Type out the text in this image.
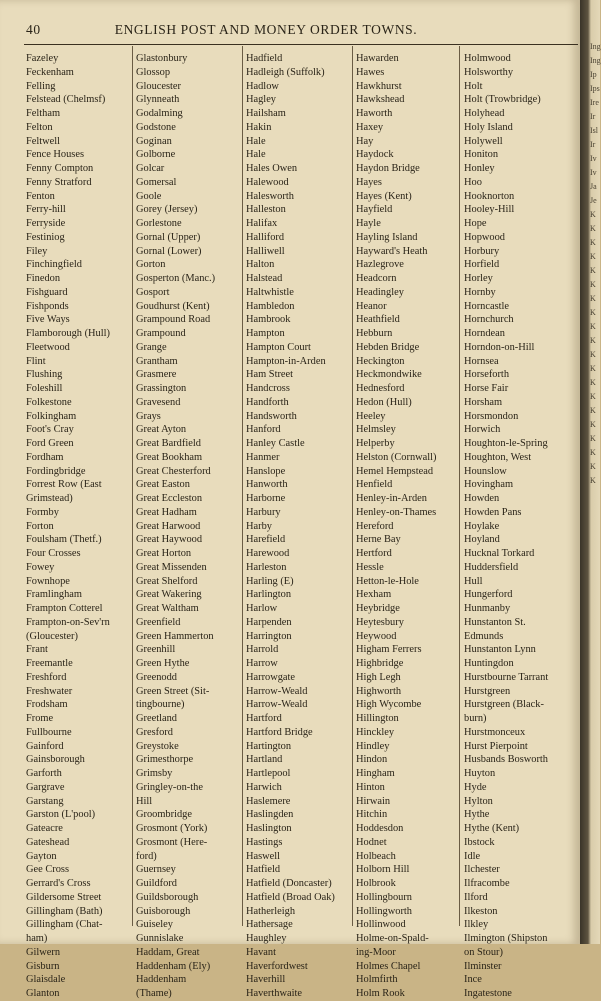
40	ENGLISH POST AND MONEY ORDER TOWNS.
Fazeley
Feckenham
Felling
Felstead (Chelmsf)
Feltham
Felton
Feltwell
Fence Houses
Fenny Compton
Fenny Stratford
Fenton
Ferry-hill
Ferryside
Festiniog
Filey
Finchingfield
Finedon
Fishguard
Fishponds
Five Ways
Flamborough (Hull)
Fleetwood
Flint
Flushing
Foleshill
Folkestone
Folkingham
Foot's Cray
Ford Green
Fordham
Fordingbridge
Forrest Row (East
Grimstead)
Formby
Forton
Foulsham (Thetf.)
Four Crosses
Fowey
Fownhope
Framlingham
Frampton Cotterel
Frampton-on-Sev'rn
(Gloucester)
Frant
Freemantle
Freshford
Freshwater
Frodsham
Frome
Fullbourne
Gainford
Gainsborough
Garforth
Gargrave
Garstang
Garston (L'pool)
Gateacre
Gateshead
Gayton
Gee Cross
Gerrard's Cross
Gildersome Street
Gillingham (Bath)
Gillingham (Chat-
ham)
Gilwern
Gisburn
Glaisdale
Glanton
Glastonbury
Glossop
Gloucester
Glynneath
Godalming
Godstone
Goginan
Golborne
Golcar
Gomersal
Goole
Gorey (Jersey)
Gorlestone
Gornal (Upper)
Gornal (Lower)
Gorton
Gosperton (Manc.)
Gosport
Goudhurst (Kent)
Grampound Road
Grampound
Grange
Grantham
Grasmere
Grassington
Gravesend
Grays
Great Ayton
Great Bardfield
Great Bookham
Great Chesterford
Great Easton
Great Eccleston
Great Hadham
Great Harwood
Great Haywood
Great Horton
Great Missenden
Great Shelford
Great Wakering
Great Waltham
Greenfield
Green Hammerton
Greenhill
Green Hythe
Greenodd
Green Street (Sit-
tingbourne)
Greetland
Gresford
Greystoke
Grimesthorpe
Grimsby
Gringley-on-the
Hill
Groombridge
Grosmont (York)
Grosmont (Here-
ford)
Guernsey
Guildford
Guildsborough
Guisborough
Guiseley
Gunnislake
Haddam, Great
Haddenham (Ely)
Haddenham
(Thame)
Hadfield
Hadleigh (Suffolk)
Hadlow
Hagley
Hailsham
Hakin
Hale
Hale
Hales Owen
Halewood
Halesworth
Halleston
Halifax
Halliford
Halliwell
Halton
Halstead
Haltwhistle
Hambledon
Hambrook
Hampton
Hampton Court
Hampton-in-Arden
Ham Street
Handcross
Handforth
Handsworth
Hanford
Hanley Castle
Hanmer
Hanslope
Hanworth
Harborne
Harbury
Harby
Harefield
Harewood
Harleston
Harling (E)
Harlington
Harlow
Harpenden
Harrington
Harrold
Harrow
Harrowgate
Harrow-Weald
Harrow-Weald
Hartford
Hartford Bridge
Hartington
Hartland
Hartlepool
Harwich
Haslemere
Haslingden
Haslington
Hastings
Haswell
Hatfield
Hatfield (Doncaster)
Hatfield (Broad Oak)
Hatherleigh
Hathersage
Haughley
Havant
Haverfordwest
Haverhill
Haverthwaite
Hawarden
Hawes
Hawkhurst
Hawkshead
Haworth
Haxey
Hay
Haydock
Haydon Bridge
Hayes
Hayes (Kent)
Hayfield
Hayle
Hayling Island
Hayward's Heath
Hazlegrove
Headcorn
Headingley
Heanor
Heathfield
Hebburn
Hebden Bridge
Heckington
Heckmondwike
Hednesford
Hedon (Hull)
Heeley
Helmsley
Helperby
Helston (Cornwall)
Hemel Hempstead
Henfield
Henley-in-Arden
Henley-on-Thames
Hereford
Herne Bay
Hertford
Hessle
Hetton-le-Hole
Hexham
Heybridge
Heytesbury
Heywood
Higham Ferrers
Highbridge
High Legh
Highworth
High Wycombe
Hillington
Hinckley
Hindley
Hindon
Hingham
Hinton
Hirwain
Hitchin
Hoddesdon
Hodnet
Holbeach
Holborn Hill
Holbrook
Hollingbourn
Hollingworth
Hollinwood
Holme-on-Spald-
ing-Moor
Holmes Chapel
Holmfirth
Holm Rook
Holmwood
Holsworthy
Holt
Holt (Trowbridge)
Holyhead
Holy Island
Holywell
Honiton
Honley
Hoo
Hooknorton
Hooley-Hill
Hope
Hopwood
Horbury
Horfield
Horley
Hornby
Horncastle
Hornchurch
Horndean
Horndon-on-Hill
Hornsea
Horseforth
Horse Fair
Horsham
Horsmondon
Horwich
Houghton-le-Spring
Houghton, West
Hounslow
Hovingham
Howden
Howden Pans
Hoylake
Hoyland
Hucknal Torkard
Huddersfield
Hull
Hungerford
Hunmanby
Hunstanton St.
Edmunds
Hunstanton Lynn
Huntingdon
Hurstbourne Tarrant
Hurstgreen
Hurstgreen (Black-
burn)
Hurstmonceux
Hurst Pierpoint
Husbands Bosworth
Huyton
Hyde
Hylton
Hythe
Hythe (Kent)
Ibstock
Idle
Ilchester
Ilfracombe
Ilford
Ilkeston
Ilkley
Ilmington (Shipston
on Stour)
Ilminster
Ince
Ingatestone
Ing
Ing
Ip
Ips
Ire
Ir
Isl
Ir
Iv
Iv
Ja
Je
K
K
K
K
K
K
K
K
K
K
K
K
K
K
K
K
K
K
K
K
